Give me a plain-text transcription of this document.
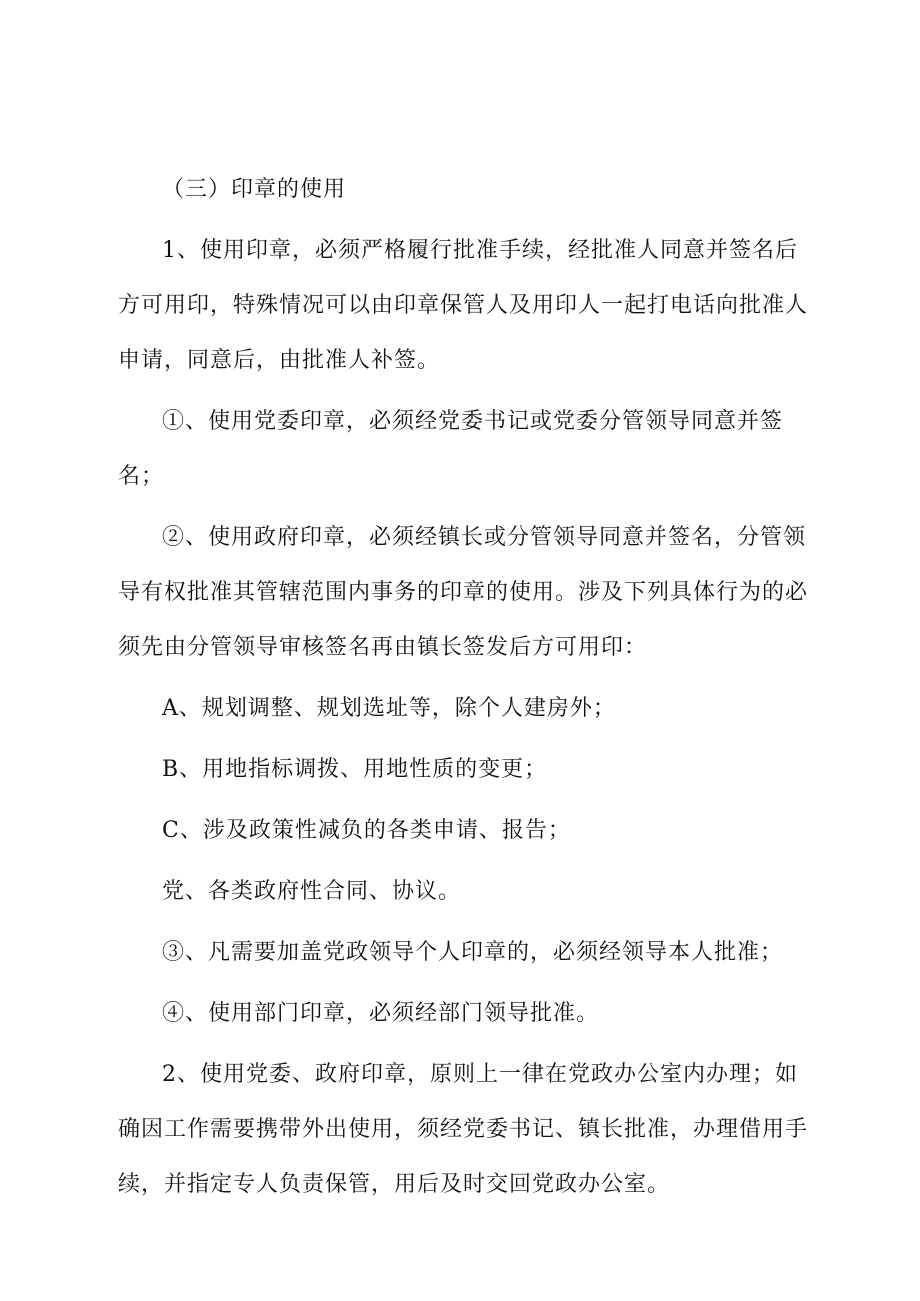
（三）印章的使用

1、使用印章，必须严格履行批准手续，经批准人同意并签名后方可用印，特殊情况可以由印章保管人及用印人一起打电话向批准人申请，同意后，由批准人补签。

①、使用党委印章，必须经党委书记或党委分管领导同意并签名；

②、使用政府印章，必须经镇长或分管领导同意并签名，分管领导有权批准其管辖范围内事务的印章的使用。涉及下列具体行为的必须先由分管领导审核签名再由镇长签发后方可用印：

A、规划调整、规划选址等，除个人建房外；

B、用地指标调拨、用地性质的变更；

C、涉及政策性减负的各类申请、报告；

党、各类政府性合同、协议。

③、凡需要加盖党政领导个人印章的，必须经领导本人批准；

④、使用部门印章，必须经部门领导批准。

2、使用党委、政府印章，原则上一律在党政办公室内办理；如确因工作需要携带外出使用，须经党委书记、镇长批准，办理借用手续，并指定专人负责保管，用后及时交回党政办公室。
